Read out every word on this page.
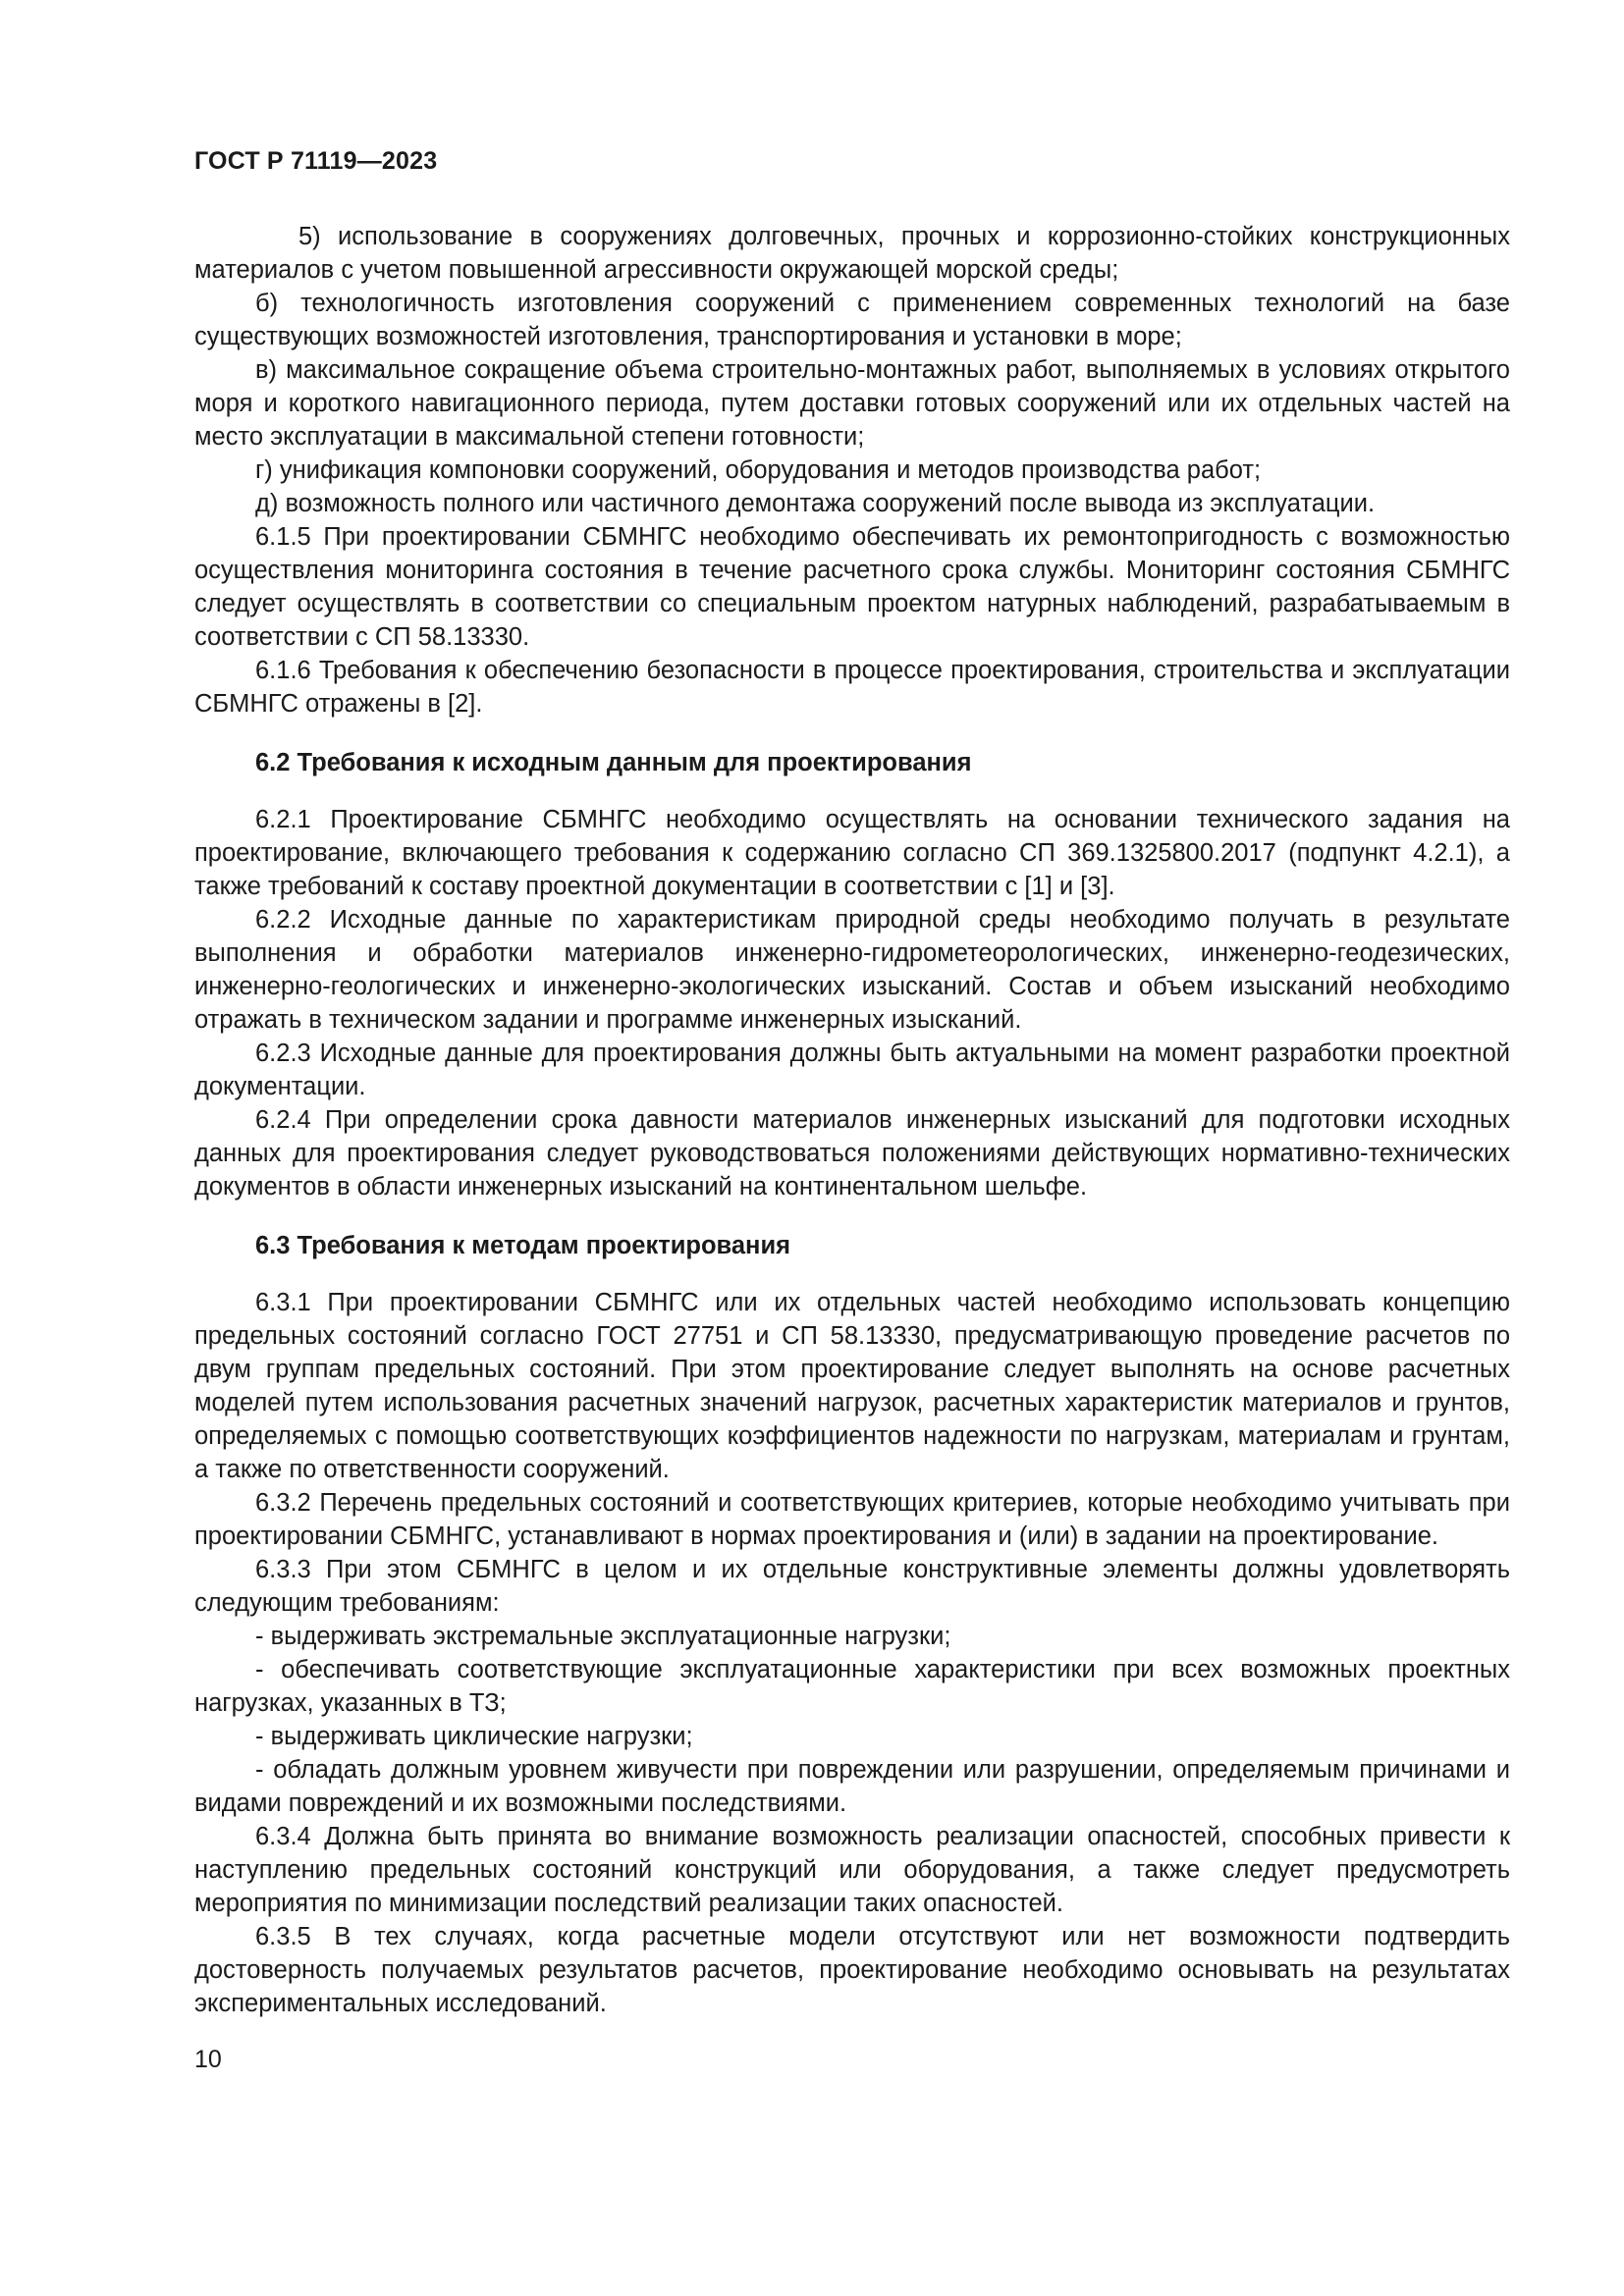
ГОСТ Р 71119—2023

5) использование в сооружениях долговечных, прочных и коррозионно-стойких конструкционных материалов с учетом повышенной агрессивности окружающей морской среды;

б) технологичность изготовления сооружений с применением современных технологий на базе существующих возможностей изготовления, транспортирования и установки в море;

в) максимальное сокращение объема строительно-монтажных работ, выполняемых в условиях открытого моря и короткого навигационного периода, путем доставки готовых сооружений или их отдельных частей на место эксплуатации в максимальной степени готовности;

г) унификация компоновки сооружений, оборудования и методов производства работ;

д) возможность полного или частичного демонтажа сооружений после вывода из эксплуатации.

6.1.5 При проектировании СБМНГС необходимо обеспечивать их ремонтопригодность с возможностью осуществления мониторинга состояния в течение расчетного срока службы. Мониторинг состояния СБМНГС следует осуществлять в соответствии со специальным проектом натурных наблюдений, разрабатываемым в соответствии с СП 58.13330.

6.1.6 Требования к обеспечению безопасности в процессе проектирования, строительства и эксплуатации СБМНГС отражены в [2].

6.2 Требования к исходным данным для проектирования

6.2.1 Проектирование СБМНГС необходимо осуществлять на основании технического задания на проектирование, включающего требования к содержанию согласно СП 369.1325800.2017 (подпункт 4.2.1), а также требований к составу проектной документации в соответствии с [1] и [3].

6.2.2 Исходные данные по характеристикам природной среды необходимо получать в результате выполнения и обработки материалов инженерно-гидрометеорологических, инженерно-геодезических, инженерно-геологических и инженерно-экологических изысканий. Состав и объем изысканий необходимо отражать в техническом задании и программе инженерных изысканий.

6.2.3 Исходные данные для проектирования должны быть актуальными на момент разработки проектной документации.

6.2.4 При определении срока давности материалов инженерных изысканий для подготовки исходных данных для проектирования следует руководствоваться положениями действующих нормативно-технических документов в области инженерных изысканий на континентальном шельфе.

6.3 Требования к методам проектирования

6.3.1 При проектировании СБМНГС или их отдельных частей необходимо использовать концепцию предельных состояний согласно ГОСТ 27751 и СП 58.13330, предусматривающую проведение расчетов по двум группам предельных состояний. При этом проектирование следует выполнять на основе расчетных моделей путем использования расчетных значений нагрузок, расчетных характеристик материалов и грунтов, определяемых с помощью соответствующих коэффициентов надежности по нагрузкам, материалам и грунтам, а также по ответственности сооружений.

6.3.2 Перечень предельных состояний и соответствующих критериев, которые необходимо учитывать при проектировании СБМНГС, устанавливают в нормах проектирования и (или) в задании на проектирование.

6.3.3 При этом СБМНГС в целом и их отдельные конструктивные элементы должны удовлетворять следующим требованиям:

- выдерживать экстремальные эксплуатационные нагрузки;

- обеспечивать соответствующие эксплуатационные характеристики при всех возможных проектных нагрузках, указанных в ТЗ;

- выдерживать циклические нагрузки;

- обладать должным уровнем живучести при повреждении или разрушении, определяемым причинами и видами повреждений и их возможными последствиями.

6.3.4 Должна быть принята во внимание возможность реализации опасностей, способных привести к наступлению предельных состояний конструкций или оборудования, а также следует предусмотреть мероприятия по минимизации последствий реализации таких опасностей.

6.3.5 В тех случаях, когда расчетные модели отсутствуют или нет возможности подтвердить достоверность получаемых результатов расчетов, проектирование необходимо основывать на результатах экспериментальных исследований.

10
